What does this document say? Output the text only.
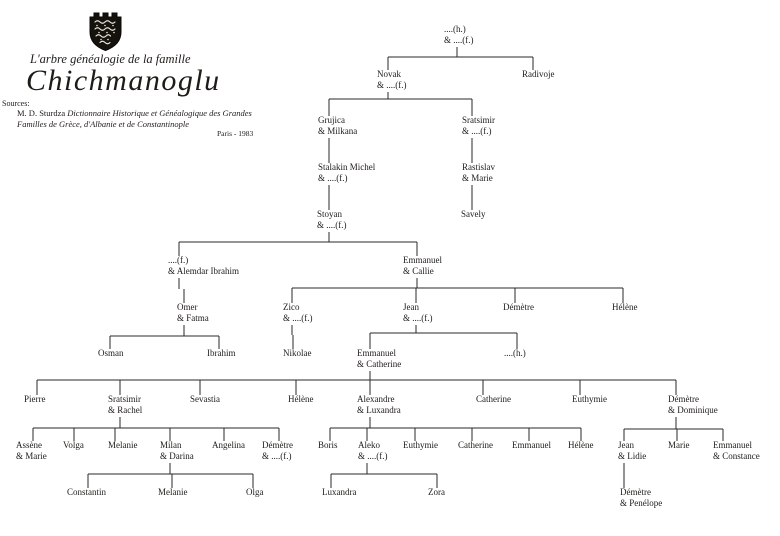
L'arbre généalogie de la famille
Chichmanoglu
Sources:
M. D. Sturdza Dictionnaire Historique et Généalogique des Grandes Familles de Grèce, d'Albanie et de Constantinople
Paris - 1983
....(h.)
& ....(f.)
Novak
& ....(f.)
Radivoje
Grujica
& Milkana
Sratsimir
& ....(f.)
Stalakin Michel
& ....(f.)
Rastislav
& Marie
Stoyan
& ....(f.)
Savely
....(f.)
& Alemdar Ibrahim
Emmanuel
& Callie
Omer
& Fatma
Zico
& ....(f.)
Jean
& ....(f.)
Démètre	Hélène
Osman	Ibrahim	Nikolae	Emmanuel
& Catherine
....(h.)
Pierre	Sratsimir
& Rachel
Sevastia	Hélène	Alexandre
& Luxandra
Catherine	Euthymie	Démètre
& Dominique
Assène
& Marie
Volga	Melanie	Milan
& Darina
Angelina Démètre
& ....(f.)
Boris Aleko
& ....(f.)
Euthymie Catherine Emmanuel Hélène	Jean
& Lidie
Marie	Emmanuel
& Constance
Constantin	Melanie	Olga	Luxandra	Zora	Démètre
& Penélope
